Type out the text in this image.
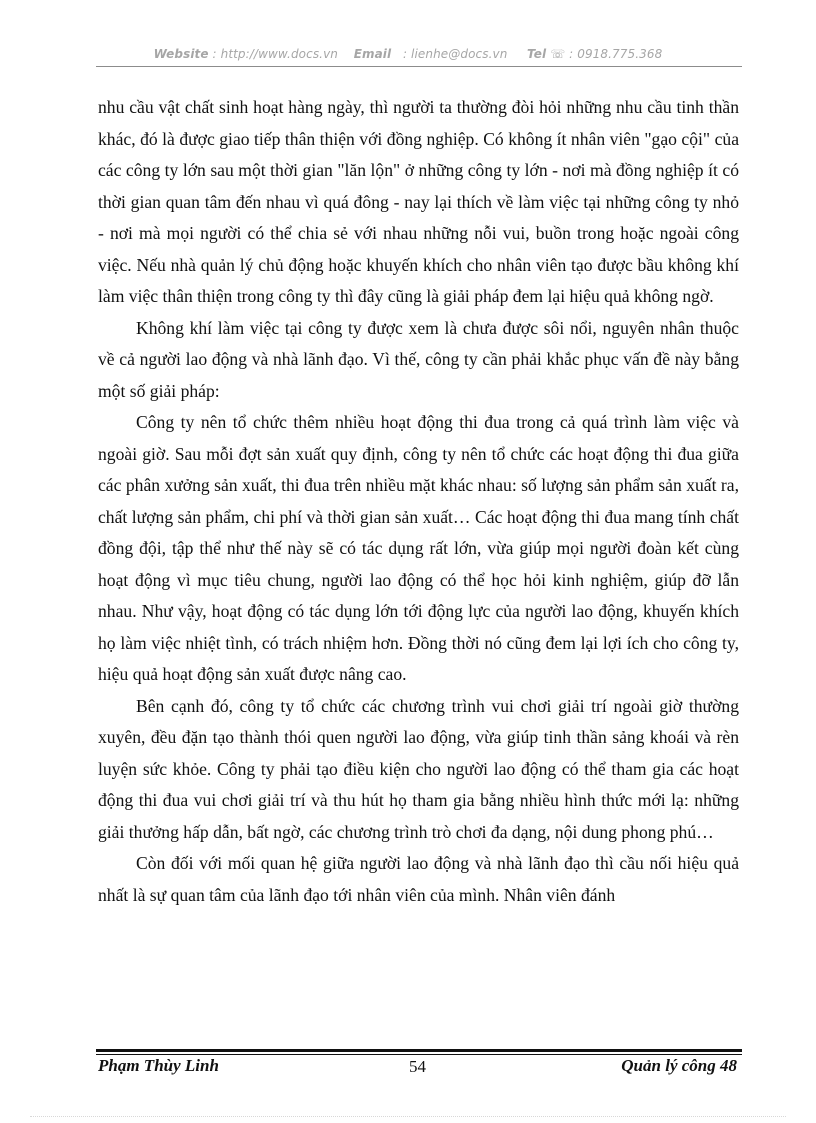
Website : http://www.docs.vn Email   : lienhe@docs.vn Tel ☏ : 0918.775.368

nhu cầu vật chất sinh hoạt hàng ngày, thì người ta thường đòi hỏi những nhu cầu tinh thần khác, đó là được giao tiếp thân thiện với đồng nghiệp. Có không ít nhân viên "gạo cội" của các công ty lớn sau một thời gian "lăn lộn" ở những công ty lớn - nơi mà đồng nghiệp ít có thời gian quan tâm đến nhau vì quá đông - nay lại thích về làm việc tại những công ty nhỏ - nơi mà mọi người có thể chia sẻ với nhau những nỗi vui, buồn trong hoặc ngoài công việc. Nếu nhà quản lý chủ động hoặc khuyến khích cho nhân viên tạo được bầu không khí làm việc thân thiện trong công ty thì đây cũng là giải pháp đem lại hiệu quả không ngờ.

Không khí làm việc tại công ty được xem là chưa được sôi nổi, nguyên nhân thuộc về cả người lao động và nhà lãnh đạo. Vì thế, công ty cần phải khắc phục vấn đề này bằng một số giải pháp:

Công ty nên tổ chức thêm nhiều hoạt động thi đua trong cả quá trình làm việc và ngoài giờ. Sau mỗi đợt sản xuất quy định, công ty nên tổ chức các hoạt động thi đua giữa các phân xưởng sản xuất, thi đua trên nhiều mặt khác nhau: số lượng sản phẩm sản xuất ra, chất lượng sản phẩm, chi phí và thời gian sản xuất… Các hoạt động thi đua mang tính chất đồng đội, tập thể như thế này sẽ có tác dụng rất lớn, vừa giúp mọi người đoàn kết cùng hoạt động vì mục tiêu chung, người lao động có thể học hỏi kinh nghiệm, giúp đỡ lẫn nhau. Như vậy, hoạt động có tác dụng lớn tới động lực của người lao động, khuyến khích họ làm việc nhiệt tình, có trách nhiệm hơn. Đồng thời nó cũng đem lại lợi ích cho công ty, hiệu quả hoạt động sản xuất được nâng cao.

Bên cạnh đó, công ty tổ chức các chương trình vui chơi giải trí ngoài giờ thường xuyên, đều đặn tạo thành thói quen người lao động, vừa giúp tinh thần sảng khoái và rèn luyện sức khỏe. Công ty phải tạo điều kiện cho người lao động có thể tham gia các hoạt động thi đua vui chơi giải trí và thu hút họ tham gia bằng nhiều hình thức mới lạ: những giải thưởng hấp dẫn, bất ngờ, các chương trình trò chơi đa dạng, nội dung phong phú…

Còn đối với mối quan hệ giữa người lao động và nhà lãnh đạo thì cầu nối hiệu quả nhất là sự quan tâm của lãnh đạo tới nhân viên của mình. Nhân viên đánh

Phạm Thùy Linh	54	Quản lý công 48
